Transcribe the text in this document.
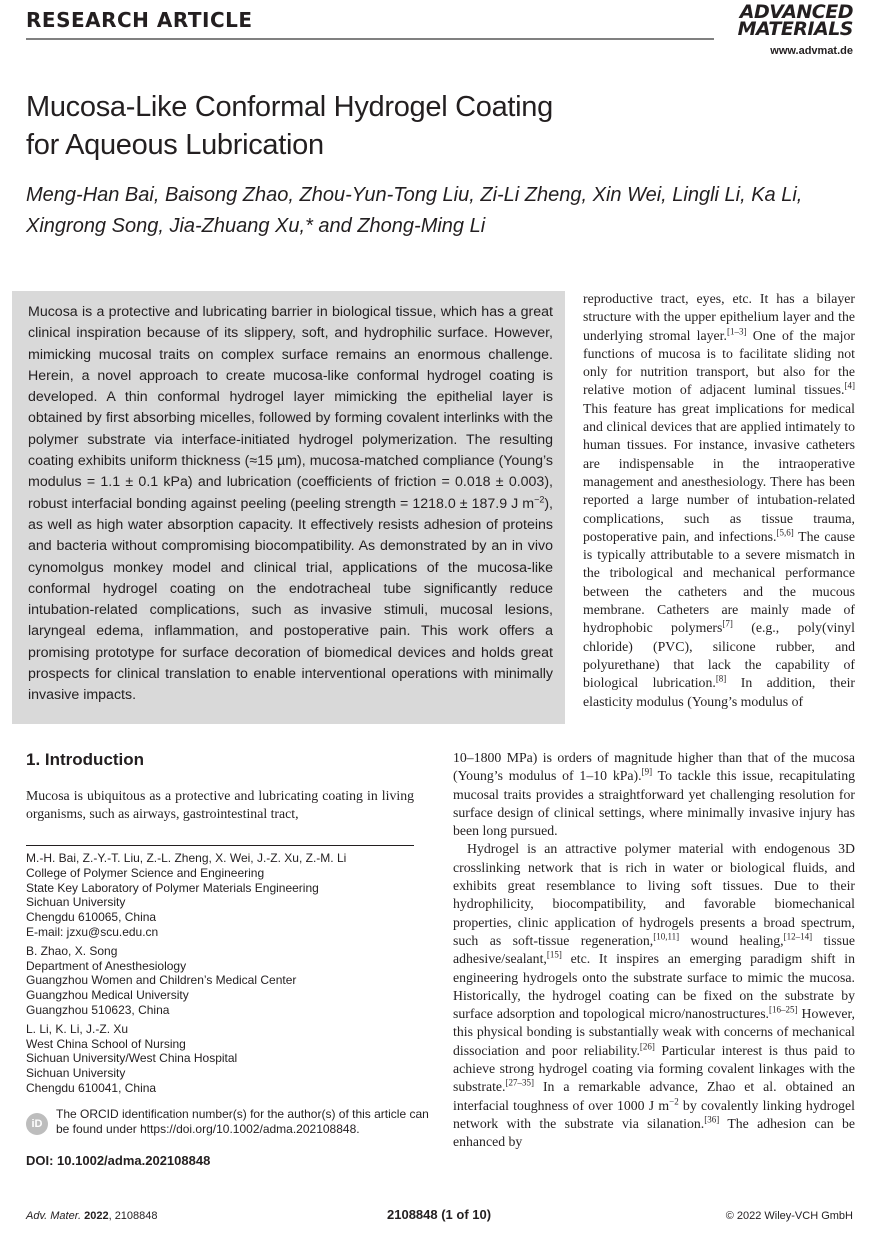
RESEARCH ARTICLE	ADVANCED
MATERIALS
www.advmat.de
Mucosa-Like Conformal Hydrogel Coating
for Aqueous Lubrication
Meng-Han Bai, Baisong Zhao, Zhou-Yun-Tong Liu, Zi-Li Zheng, Xin Wei, Lingli Li, Ka Li,
Xingrong Song, Jia-Zhuang Xu,* and Zhong-Ming Li
Mucosa is a protective and lubricating barrier in biological tissue, which has a great clinical inspiration because of its slippery, soft, and hydrophilic surface. However, mimicking mucosal traits on complex surface remains an enormous challenge. Herein, a novel approach to create mucosa-like conformal hydrogel coating is developed. A thin conformal hydrogel layer mimicking the epithelial layer is obtained by first absorbing micelles, followed by forming covalent interlinks with the polymer substrate via interface-initiated hydrogel polymerization. The resulting coating exhibits uniform thickness (≈15 µm), mucosa-matched compliance (Young’s modulus = 1.1 ± 0.1 kPa) and lubrication (coefficients of friction = 0.018 ± 0.003), robust interfacial bonding against peeling (peeling strength = 1218.0 ± 187.9 J $m^{-2}$), as well as high water absorption capacity. It effectively resists adhesion of proteins and bacteria without compromising biocompatibility. As demonstrated by an in vivo cynomolgus monkey model and clinical trial, applications of the mucosa-like conformal hydrogel coating on the endotracheal tube significantly reduce intubation-related complications, such as invasive stimuli, mucosal lesions, laryngeal edema, inflammation, and postoperative pain. This work offers a promising prototype for surface decoration of biomedical devices and holds great prospects for clinical translation to enable interventional operations with minimally invasive impacts.
reproductive tract, eyes, etc. It has a bilayer structure with the upper epithelium layer and the underlying stromal layer.[1–3] One of the major functions of mucosa is to facilitate sliding not only for nutrition transport, but also for the relative motion of adjacent luminal tissues.[4] This feature has great implications for medical and clinical devices that are applied intimately to human tissues. For instance, invasive catheters are indispensable in the intraoperative management and anesthesiology. There has been reported a large number of intubation-related complications, such as tissue trauma, postoperative pain, and infections.[5,6] The cause is typically attributable to a severe mismatch in the tribological and mechanical performance between the catheters and the mucous membrane. Catheters are mainly made of hydrophobic polymers[7] (e.g., poly(vinyl chloride) (PVC), silicone rubber, and polyurethane) that lack the capability of biological lubrication.[8] In addition, their elasticity modulus (Young’s modulus of
10–1800 MPa) is orders of magnitude higher than that of the mucosa (Young’s modulus of 1–10 kPa).[9] To tackle this issue, recapitulating mucosal traits provides a straightforward yet challenging resolution for surface design of clinical settings, where minimally invasive injury has been long pursued.
Hydrogel is an attractive polymer material with endogenous 3D crosslinking network that is rich in water or biological fluids, and exhibits great resemblance to living soft tissues. Due to their hydrophilicity, biocompatibility, and favorable biomechanical properties, clinic application of hydrogels presents a broad spectrum, such as soft-tissue regeneration,[10,11] wound healing,[12–14] tissue adhesive/sealant,[15] etc. It inspires an emerging paradigm shift in engineering hydrogels onto the substrate surface to mimic the mucosa. Historically, the hydrogel coating can be fixed on the substrate by surface adsorption and topological micro/nanostructures.[16–25] However, this physical bonding is substantially weak with concerns of mechanical dissociation and poor reliability.[26] Particular interest is thus paid to achieve strong hydrogel coating via forming covalent linkages with the substrate.[27–35] In a remarkable advance, Zhao et al. obtained an interfacial toughness of over 1000 J $m^{-2}$ by covalently linking hydrogel network with the substrate via silanation.[36] The adhesion can be enhanced by
1. Introduction
Mucosa is ubiquitous as a protective and lubricating coating in living organisms, such as airways, gastrointestinal tract,
M.-H. Bai, Z.-Y.-T. Liu, Z.-L. Zheng, X. Wei, J.-Z. Xu, Z.-M. Li
College of Polymer Science and Engineering
State Key Laboratory of Polymer Materials Engineering
Sichuan University
Chengdu 610065, China
E-mail: jzxu@scu.edu.cn
B. Zhao, X. Song
Department of Anesthesiology
Guangzhou Women and Children’s Medical Center
Guangzhou Medical University
Guangzhou 510623, China
L. Li, K. Li, J.-Z. Xu
West China School of Nursing
Sichuan University/West China Hospital
Sichuan University
Chengdu 610041, China
iD
The ORCID identification number(s) for the author(s) of this article can be found under https://doi.org/10.1002/adma.202108848.
DOI: 10.1002/adma.202108848
Adv. Mater. 2022, 2108848	2108848 (1 of 10)	© 2022 Wiley-VCH GmbH
